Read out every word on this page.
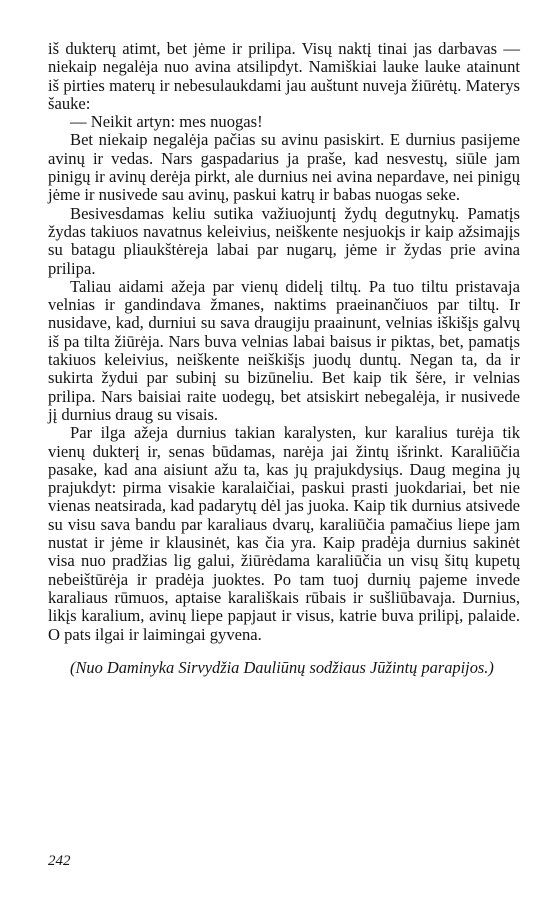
iš dukterų atimt, bet jėme ir prilipa. Visų naktį tinai jas darbavas — niekaip negalėja nuo avina atsilipdyt. Namiškiai lauke lauke atainunt iš pirties materų ir nebesulaukdami jau auštunt nuveja žiūrėtų. Materys šauke:

— Neikit artyn: mes nuogas!

Bet niekaip negalėja pačias su avinu pasiskirt. E durnius pasijeme avinų ir vedas. Nars gaspadarius ja praše, kad nesvestų, siūle jam pinigų ir avinų derėja pirkt, ale durnius nei avina nepardave, nei pinigų jėme ir nusivede sau avinų, paskui katrų ir babas nuogas seke.

Besivesdamas keliu sutika važiuojuntį žydų degutnykų. Pamatįs žydas takiuos navatnus keleivius, neiškente nesjuokįs ir kaip ažsimajįs su batagu pliaukštėreja labai par nugarų, jėme ir žydas prie avina prilipa.

Taliau aidami ažeja par vienų didelį tiltų. Pa tuo tiltu pristavaja velnias ir gandindava žmanes, naktims praeinančiuos par tiltų. Ir nusidave, kad, durniui su sava draugiju praainunt, velnias iškišįs galvų iš pa tilta žiūrėja. Nars buva velnias labai baisus ir piktas, bet, pamatįs takiuos keleivius, neiškente neiškišįs juodų duntų. Negan ta, da ir sukirta žydui par subinį su bizūneliu. Bet kaip tik šėre, ir velnias prilipa. Nars baisiai raite uodegų, bet atsiskirt nebegalėja, ir nusivede jį durnius draug su visais.

Par ilga ažeja durnius takian karalysten, kur karalius turėja tik vienų dukterį ir, senas būdamas, narėja jai žintų išrinkt. Karaliūčia pasake, kad ana aisiunt ažu ta, kas jų prajukdysiųs. Daug megina jų prajukdyt: pirma visakie karalaičiai, paskui prasti juokdariai, bet nie vienas neatsirada, kad padarytų dėl jas juoka. Kaip tik durnius atsivede su visu sava bandu par karaliaus dvarų, karaliūčia pamačius liepe jam nustat ir jėme ir klausinėt, kas čia yra. Kaip pradėja durnius sakinėt visa nuo pradžias lig galui, žiūrėdama karaliūčia un visų šitų kupetų nebeištūrėja ir pradėja juoktes. Po tam tuoj durnių pajeme invede karaliaus rūmuos, aptaise karališkais rūbais ir sušliūbavaja. Durnius, likįs karalium, avinų liepe papjaut ir visus, katrie buva prilipį, palaide. O pats ilgai ir laimingai gyvena.

(Nuo Daminyka Sirvydžia Dauliūnų sodžiaus Jūžintų parapijos.)

242
